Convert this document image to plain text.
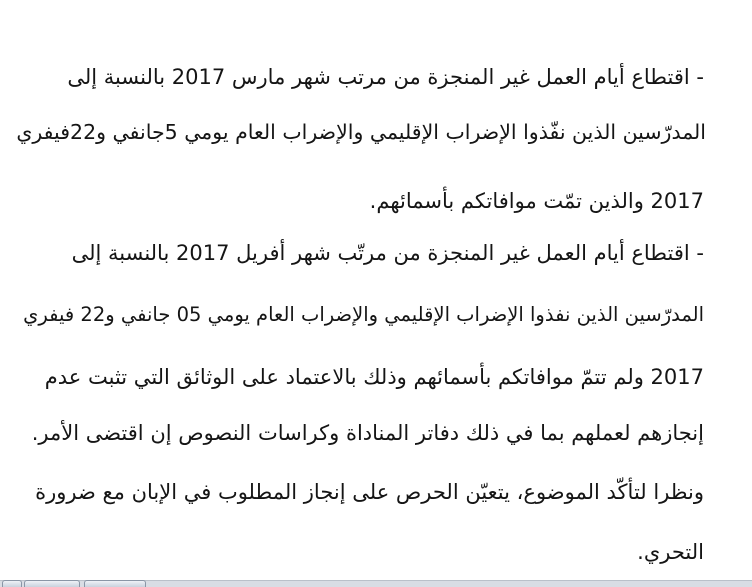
- اقتطاع أيام العمل غير المنجزة من مرتب شهر مارس 2017 بالنسبة إلى
المدرّسين الذين نفّذوا الإضراب الإقليمي والإضراب العام يومي 5جانفي و22فيفري
2017 والذين تمّت موافاتكم بأسمائهم.
- اقتطاع أيام العمل غير المنجزة من مرتّب شهر أفريل 2017 بالنسبة إلى
المدرّسين الذين نفذوا الإضراب الإقليمي والإضراب العام يومي 05 جانفي و22 فيفري
2017 ولم تتمّ موافاتكم بأسمائهم وذلك بالاعتماد على الوثائق التي تثبت عدم
إنجازهم لعملهم بما في ذلك دفاتر المناداة وكراسات النصوص إن اقتضى الأمر.
ونظرا لتأكّد الموضوع، يتعيّن الحرص على إنجاز المطلوب في الإبان مع ضرورة
التحري.
